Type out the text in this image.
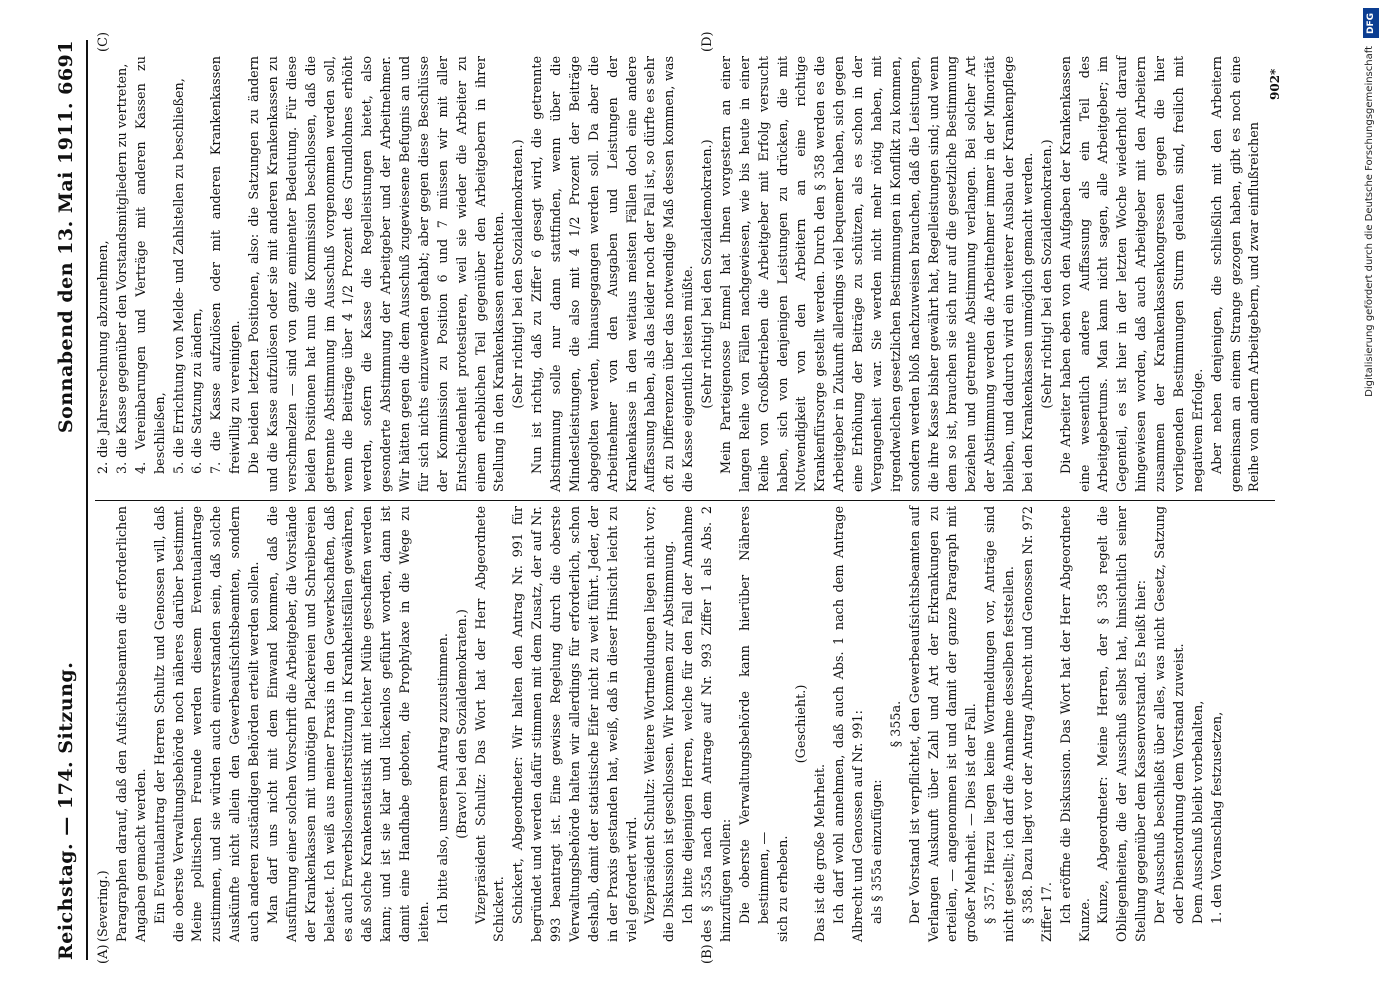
Reichstag. — 174. Sitzung.
Sonnabend den 13. Mai 1911. 6691
(A)	(B)
(C)	(D)

(Severing.) Paragraphen darauf, daß den Aufsichtsbeamten die erforderlichen Angaben gemacht werden. Ein Eventualantrag der Herren Schultz und Genossen will, daß die oberste Verwaltungsbehörde noch näheres darüber bestimmt. Meine politischen Freunde werden diesem Eventualantrage zustimmen, und sie würden auch einverstanden sein, daß solche Auskünfte nicht allein den Gewerbeaufsichtsbeamten, sondern auch anderen zuständigen Behörden erteilt werden sollen. Man darf uns nicht mit dem Einwand kommen, daß die Ausführung einer solchen Vorschrift die Arbeitgeber, die Vorstände der Krankenkassen mit unnötigen Plackereien und Schreibereien belastet. Ich weiß aus meiner Praxis in den Gewerkschaften, daß es auch Erwerbslosenunterstützung in Krankheitsfällen gewähren, daß solche Krankenstatistik mit leichter Mühe geschaffen werden kann; und ist sie klar und lückenlos geführt worden, dann ist damit eine Handhabe geboten, die Prophylaxe in die Wege zu leiten. Ich bitte also, unserem Antrag zuzustimmen. (Bravo! bei den Sozialdemokraten.) Vizepräsident Schultz: Das Wort hat der Herr Abgeordnete Schickert. Schickert, Abgeordneter: Wir halten den Antrag Nr. 991 für begründet und werden dafür stimmen mit dem Zusatz, der auf Nr. 993 beantragt ist. Eine gewisse Regelung durch die oberste Verwaltungsbehörde halten wir allerdings für erforderlich, schon deshalb, damit der statistische Eifer nicht zu weit führt. Jeder, der in der Praxis gestanden hat, weiß, daß in dieser Hinsicht leicht zu viel gefordert wird. Vizepräsident Schultz: Weitere Wortmeldungen liegen nicht vor; die Diskussion ist geschlossen. Wir kommen zur Abstimmung. Ich bitte diejenigen Herren, welche für den Fall der Annahme des § 355a nach dem Antrage auf Nr. 993 Ziffer 1 als Abs. 2 hinzufügen wollen: Die oberste Verwaltungsbehörde kann hierüber Näheres bestimmen, — sich zu erheben.

(Geschieht.)

Das ist die große Mehrheit. Ich darf wohl annehmen, daß auch Abs. 1 nach dem Antrage Albrecht und Genossen auf Nr. 991: als § 355a einzufügen:

§ 355a. Der Vorstand ist verpflichtet, den Gewerbeaufsichtsbeamten auf Verlangen Auskunft über Zahl und Art der Erkrankungen zu erteilen, — angenommen ist und damit der ganze Paragraph mit großer Mehrheit. — Dies ist der Fall. § 357. Hierzu liegen keine Wortmeldungen vor, Anträge sind nicht gestellt; ich darf die Annahme desselben feststellen. § 358. Dazu liegt vor der Antrag Albrecht und Genossen Nr. 972 Ziffer 17. Ich eröffne die Diskussion. Das Wort hat der Herr Abgeordnete Kunze. Kunze, Abgeordneter: Meine Herren, der § 358 regelt die Obliegenheiten, die der Ausschuß selbst hat, hinsichtlich seiner Stellung gegenüber dem Kassenvorstand. Es heißt hier: Der Ausschuß beschließt über alles, was nicht Gesetz, Satzung oder Dienstordnung dem Vorstand zuweist. Dem Ausschuß bleibt vorbehalten, 1. den Voranschlag festzusetzen,

2. die Jahresrechnung abzunehmen, 3. die Kasse gegenüber den Vorstandsmitgliedern zu vertreten, 4. Vereinbarungen und Verträge mit anderen Kassen zu beschließen, 5. die Errichtung von Melde- und Zahlstellen zu beschließen, 6. die Satzung zu ändern, 7. die Kasse aufzulösen oder mit anderen Krankenkassen freiwillig zu vereinigen. Die beiden letzten Positionen, also: die Satzungen zu ändern und die Kasse aufzulösen oder sie mit anderen Krankenkassen zu verschmelzen — sind von ganz eminenter Bedeutung. Für diese beiden Positionen hat nun die Kommission beschlossen, daß die getrennte Abstimmung im Ausschuß vorgenommen werden soll, wenn die Beiträge über 4 1/2 Prozent des Grundlohnes erhöht werden, sofern die Kasse die Regelleistungen bietet, also gesonderte Abstimmung der Arbeitgeber und der Arbeitnehmer. Wir hätten gegen die dem Ausschuß zugewiesene Befugnis an und für sich nichts einzuwenden gehabt; aber gegen diese Beschlüsse der Kommission zu Position 6 und 7 müssen wir mit aller Entschiedenheit protestieren, weil sie wieder die Arbeiter zu einem erheblichen Teil gegenüber den Arbeitgebern in ihrer Stellung in den Krankenkassen entrechten. (Sehr richtig! bei den Sozialdemokraten.) Nun ist richtig, daß zu Ziffer 6 gesagt wird, die getrennte Abstimmung solle nur dann stattfinden, wenn über die Mindestleistungen, die also mit 4 1/2 Prozent der Beiträge abgegolten werden, hinausgegangen werden soll. Da aber die Arbeitnehmer von den Ausgaben und Leistungen der Krankenkasse in den weitaus meisten Fällen doch eine andere Auffassung haben, als das leider noch der Fall ist, so dürfte es sehr oft zu Differenzen über das notwendige Maß dessen kommen, was die Kasse eigentlich leisten müßte. (Sehr richtig! bei den Sozialdemokraten.) Mein Parteigenosse Emmel hat Ihnen vorgestern an einer langen Reihe von Fällen nachgewiesen, wie bis heute in einer Reihe von Großbetrieben die Arbeitgeber mit Erfolg versucht haben, sich von denjenigen Leistungen zu drücken, die mit Notwendigkeit von den Arbeitern an eine richtige Krankenfürsorge gestellt werden. Durch den § 358 werden es die Arbeitgeber in Zukunft allerdings viel bequemer haben, sich gegen eine Erhöhung der Beiträge zu schützen, als es schon in der Vergangenheit war. Sie werden nicht mehr nötig haben, mit irgendwelchen gesetzlichen Bestimmungen in Konflikt zu kommen, sondern werden bloß nachzuweisen brauchen, daß die Leistungen, die ihre Kasse bisher gewährt hat, Regelleistungen sind; und wenn dem so ist, brauchen sie sich nur auf die gesetzliche Bestimmung beziehen und getrennte Abstimmung verlangen. Bei solcher Art der Abstimmung werden die Arbeitnehmer immer in der Minorität bleiben, und dadurch wird ein weiterer Ausbau der Krankenpflege bei den Krankenkassen unmöglich gemacht werden. (Sehr richtig! bei den Sozialdemokraten.) Die Arbeiter haben eben von den Aufgaben der Krankenkassen eine wesentlich andere Auffassung als ein Teil des Arbeitgebertums. Man kann nicht sagen, alle Arbeitgeber; im Gegenteil, es ist hier in der letzten Woche wiederholt darauf hingewiesen worden, daß auch Arbeitgeber mit den Arbeitern zusammen der Krankenkassenkongressen gegen die hier vorliegenden Bestimmungen Sturm gelaufen sind, freilich mit negativem Erfolge. Aber neben denjenigen, die schließlich mit den Arbeitern gemeinsam an einem Strange gezogen haben, gibt es noch eine Reihe von andern Arbeitgebern, und zwar einflußreichen

902*
DFG
Digitalisierung gefördert durch die Deutsche Forschungsgemeinschaft
